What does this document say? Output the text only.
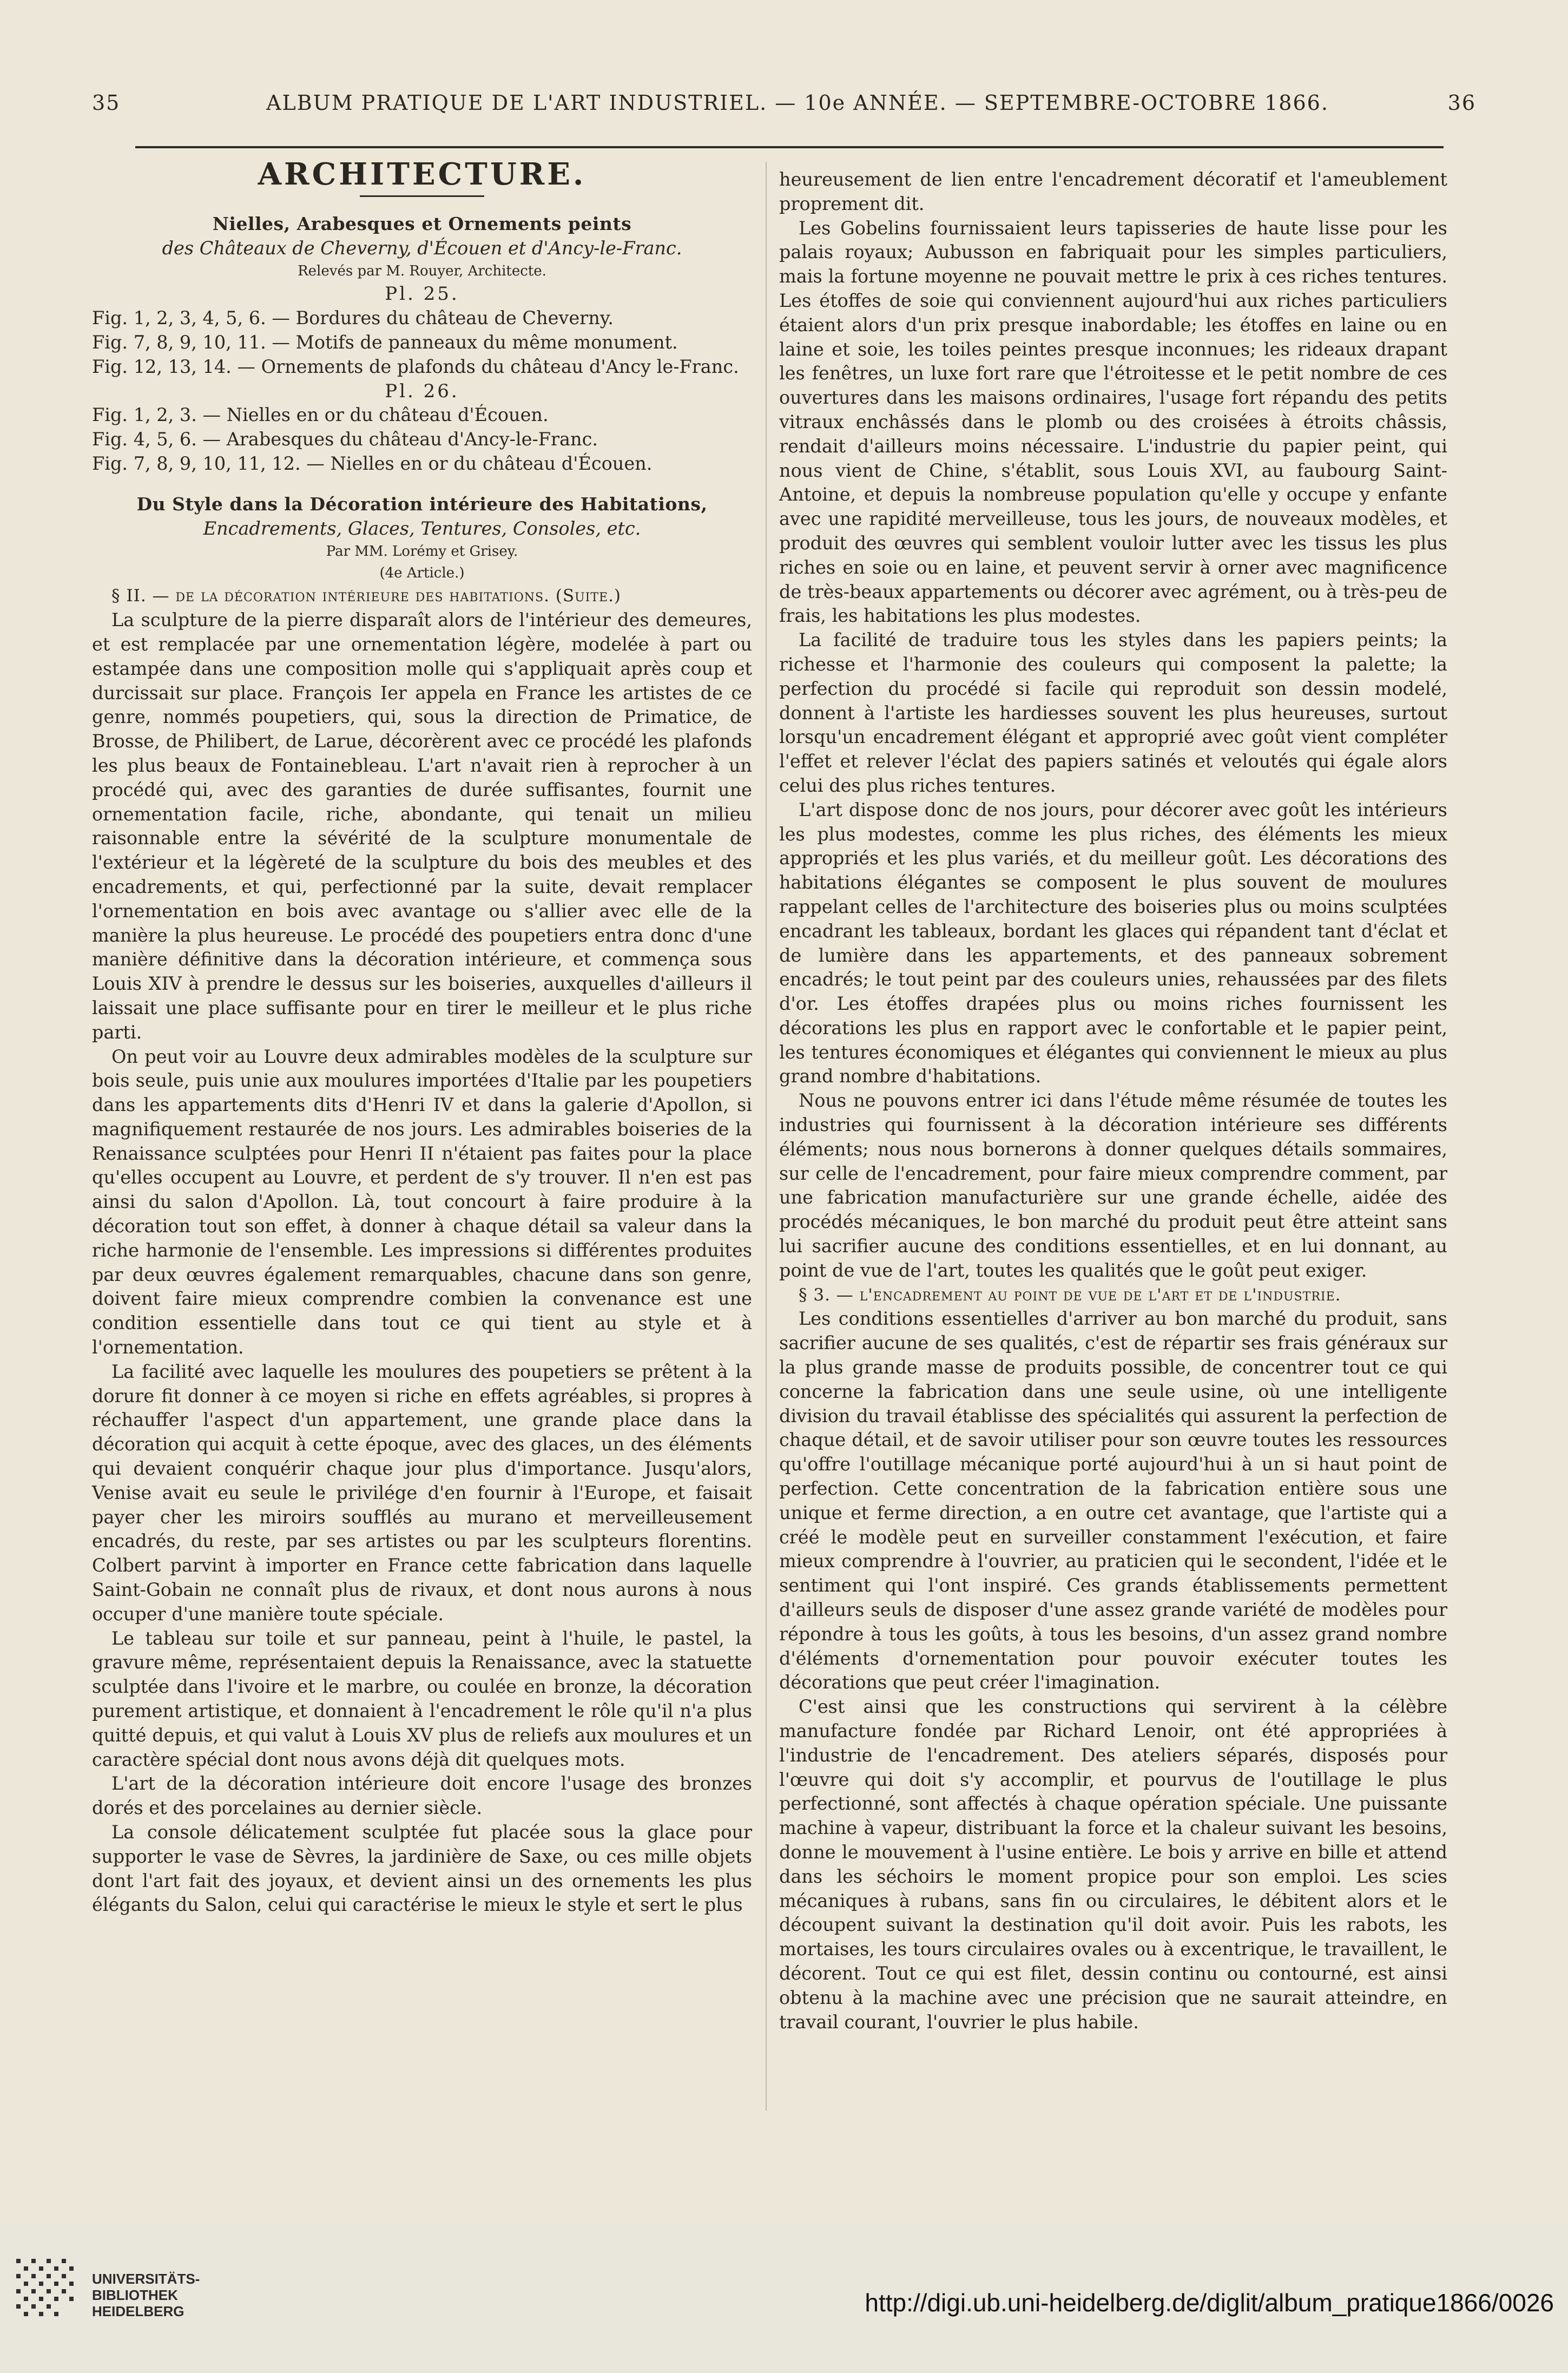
35	ALBUM PRATIQUE DE L'ART INDUSTRIEL. — 10e ANNÉE. — SEPTEMBRE-OCTOBRE 1866.	36

ARCHITECTURE.

Nielles, Arabesques et Ornements peints

des Châteaux de Cheverny, d'Écouen et d'Ancy-le-Franc.

Relevés par M. Rouyer, Architecte.

Pl. 25.

Fig. 1, 2, 3, 4, 5, 6. — Bordures du château de Cheverny.

Fig. 7, 8, 9, 10, 11. — Motifs de panneaux du même monument.

Fig. 12, 13, 14. — Ornements de plafonds du château d'Ancy le-Franc.

Pl. 26.

Fig. 1, 2, 3. — Nielles en or du château d'Écouen.

Fig. 4, 5, 6. — Arabesques du château d'Ancy-le-Franc.

Fig. 7, 8, 9, 10, 11, 12. — Nielles en or du château d'Écouen.

Du Style dans la Décoration intérieure des Habitations,

Encadrements, Glaces, Tentures, Consoles, etc.

Par MM. Lorémy et Grisey.

(4e Article.)

§ II. — de la décoration intérieure des habitations. (Suite.)

La sculpture de la pierre disparaît alors de l'intérieur des demeures, et est remplacée par une ornementation légère, modelée à part ou estampée dans une composition molle qui s'appliquait après coup et durcissait sur place. François Ier appela en France les artistes de ce genre, nommés poupetiers, qui, sous la direction de Primatice, de Brosse, de Philibert, de Larue, décorèrent avec ce procédé les plafonds les plus beaux de Fontainebleau. L'art n'avait rien à reprocher à un procédé qui, avec des garanties de durée suffisantes, fournit une ornementation facile, riche, abondante, qui tenait un milieu raisonnable entre la sévérité de la sculpture monumentale de l'extérieur et la légèreté de la sculpture du bois des meubles et des encadrements, et qui, perfectionné par la suite, devait remplacer l'ornementation en bois avec avantage ou s'allier avec elle de la manière la plus heureuse. Le procédé des poupetiers entra donc d'une manière définitive dans la décoration intérieure, et commença sous Louis XIV à prendre le dessus sur les boiseries, auxquelles d'ailleurs il laissait une place suffisante pour en tirer le meilleur et le plus riche parti.

On peut voir au Louvre deux admirables modèles de la sculpture sur bois seule, puis unie aux moulures importées d'Italie par les poupetiers dans les appartements dits d'Henri IV et dans la galerie d'Apollon, si magnifiquement restaurée de nos jours. Les admirables boiseries de la Renaissance sculptées pour Henri II n'étaient pas faites pour la place qu'elles occupent au Louvre, et perdent de s'y trouver. Il n'en est pas ainsi du salon d'Apollon. Là, tout concourt à faire produire à la décoration tout son effet, à donner à chaque détail sa valeur dans la riche harmonie de l'ensemble. Les impressions si différentes produites par deux œuvres également remarquables, chacune dans son genre, doivent faire mieux comprendre combien la convenance est une condition essentielle dans tout ce qui tient au style et à l'ornementation.

La facilité avec laquelle les moulures des poupetiers se prêtent à la dorure fit donner à ce moyen si riche en effets agréables, si propres à réchauffer l'aspect d'un appartement, une grande place dans la décoration qui acquit à cette époque, avec des glaces, un des éléments qui devaient conquérir chaque jour plus d'importance. Jusqu'alors, Venise avait eu seule le privilége d'en fournir à l'Europe, et faisait payer cher les miroirs soufflés au murano et merveilleusement encadrés, du reste, par ses artistes ou par les sculpteurs florentins. Colbert parvint à importer en France cette fabrication dans laquelle Saint-Gobain ne connaît plus de rivaux, et dont nous aurons à nous occuper d'une manière toute spéciale.

Le tableau sur toile et sur panneau, peint à l'huile, le pastel, la gravure même, représentaient depuis la Renaissance, avec la statuette sculptée dans l'ivoire et le marbre, ou coulée en bronze, la décoration purement artistique, et donnaient à l'encadrement le rôle qu'il n'a plus quitté depuis, et qui valut à Louis XV plus de reliefs aux moulures et un caractère spécial dont nous avons déjà dit quelques mots.

L'art de la décoration intérieure doit encore l'usage des bronzes dorés et des porcelaines au dernier siècle.

La console délicatement sculptée fut placée sous la glace pour supporter le vase de Sèvres, la jardinière de Saxe, ou ces mille objets dont l'art fait des joyaux, et devient ainsi un des ornements les plus élégants du Salon, celui qui caractérise le mieux le style et sert le plus

heureusement de lien entre l'encadrement décoratif et l'ameublement proprement dit.

Les Gobelins fournissaient leurs tapisseries de haute lisse pour les palais royaux; Aubusson en fabriquait pour les simples particuliers, mais la fortune moyenne ne pouvait mettre le prix à ces riches tentures. Les étoffes de soie qui conviennent aujourd'hui aux riches particuliers étaient alors d'un prix presque inabordable; les étoffes en laine ou en laine et soie, les toiles peintes presque inconnues; les rideaux drapant les fenêtres, un luxe fort rare que l'étroitesse et le petit nombre de ces ouvertures dans les maisons ordinaires, l'usage fort répandu des petits vitraux enchâssés dans le plomb ou des croisées à étroits châssis, rendait d'ailleurs moins nécessaire. L'industrie du papier peint, qui nous vient de Chine, s'établit, sous Louis XVI, au faubourg Saint-Antoine, et depuis la nombreuse population qu'elle y occupe y enfante avec une rapidité merveilleuse, tous les jours, de nouveaux modèles, et produit des œuvres qui semblent vouloir lutter avec les tissus les plus riches en soie ou en laine, et peuvent servir à orner avec magnificence de très-beaux appartements ou décorer avec agrément, ou à très-peu de frais, les habitations les plus modestes.

La facilité de traduire tous les styles dans les papiers peints; la richesse et l'harmonie des couleurs qui composent la palette; la perfection du procédé si facile qui reproduit son dessin modelé, donnent à l'artiste les hardiesses souvent les plus heureuses, surtout lorsqu'un encadrement élégant et approprié avec goût vient compléter l'effet et relever l'éclat des papiers satinés et veloutés qui égale alors celui des plus riches tentures.

L'art dispose donc de nos jours, pour décorer avec goût les intérieurs les plus modestes, comme les plus riches, des éléments les mieux appropriés et les plus variés, et du meilleur goût. Les décorations des habitations élégantes se composent le plus souvent de moulures rappelant celles de l'architecture des boiseries plus ou moins sculptées encadrant les tableaux, bordant les glaces qui répandent tant d'éclat et de lumière dans les appartements, et des panneaux sobrement encadrés; le tout peint par des couleurs unies, rehaussées par des filets d'or. Les étoffes drapées plus ou moins riches fournissent les décorations les plus en rapport avec le confortable et le papier peint, les tentures économiques et élégantes qui conviennent le mieux au plus grand nombre d'habitations.

Nous ne pouvons entrer ici dans l'étude même résumée de toutes les industries qui fournissent à la décoration intérieure ses différents éléments; nous nous bornerons à donner quelques détails sommaires, sur celle de l'encadrement, pour faire mieux comprendre comment, par une fabrication manufacturière sur une grande échelle, aidée des procédés mécaniques, le bon marché du produit peut être atteint sans lui sacrifier aucune des conditions essentielles, et en lui donnant, au point de vue de l'art, toutes les qualités que le goût peut exiger.

§ 3. — l'encadrement au point de vue de l'art et de l'industrie.

Les conditions essentielles d'arriver au bon marché du produit, sans sacrifier aucune de ses qualités, c'est de répartir ses frais généraux sur la plus grande masse de produits possible, de concentrer tout ce qui concerne la fabrication dans une seule usine, où une intelligente division du travail établisse des spécialités qui assurent la perfection de chaque détail, et de savoir utiliser pour son œuvre toutes les ressources qu'offre l'outillage mécanique porté aujourd'hui à un si haut point de perfection. Cette concentration de la fabrication entière sous une unique et ferme direction, a en outre cet avantage, que l'artiste qui a créé le modèle peut en surveiller constamment l'exécution, et faire mieux comprendre à l'ouvrier, au praticien qui le secondent, l'idée et le sentiment qui l'ont inspiré. Ces grands établissements permettent d'ailleurs seuls de disposer d'une assez grande variété de modèles pour répondre à tous les goûts, à tous les besoins, d'un assez grand nombre d'éléments d'ornementation pour pouvoir exécuter toutes les décorations que peut créer l'imagination.

C'est ainsi que les constructions qui servirent à la célèbre manufacture fondée par Richard Lenoir, ont été appropriées à l'industrie de l'encadrement. Des ateliers séparés, disposés pour l'œuvre qui doit s'y accomplir, et pourvus de l'outillage le plus perfectionné, sont affectés à chaque opération spéciale. Une puissante machine à vapeur, distribuant la force et la chaleur suivant les besoins, donne le mouvement à l'usine entière. Le bois y arrive en bille et attend dans les séchoirs le moment propice pour son emploi. Les scies mécaniques à rubans, sans fin ou circulaires, le débitent alors et le découpent suivant la destination qu'il doit avoir. Puis les rabots, les mortaises, les tours circulaires ovales ou à excentrique, le travaillent, le décorent. Tout ce qui est filet, dessin continu ou contourné, est ainsi obtenu à la machine avec une précision que ne saurait atteindre, en travail courant, l'ouvrier le plus habile.

UNIVERSITÄTS-
BIBLIOTHEK
HEIDELBERG	http://digi.ub.uni-heidelberg.de/diglit/album_pratique1866/0026
